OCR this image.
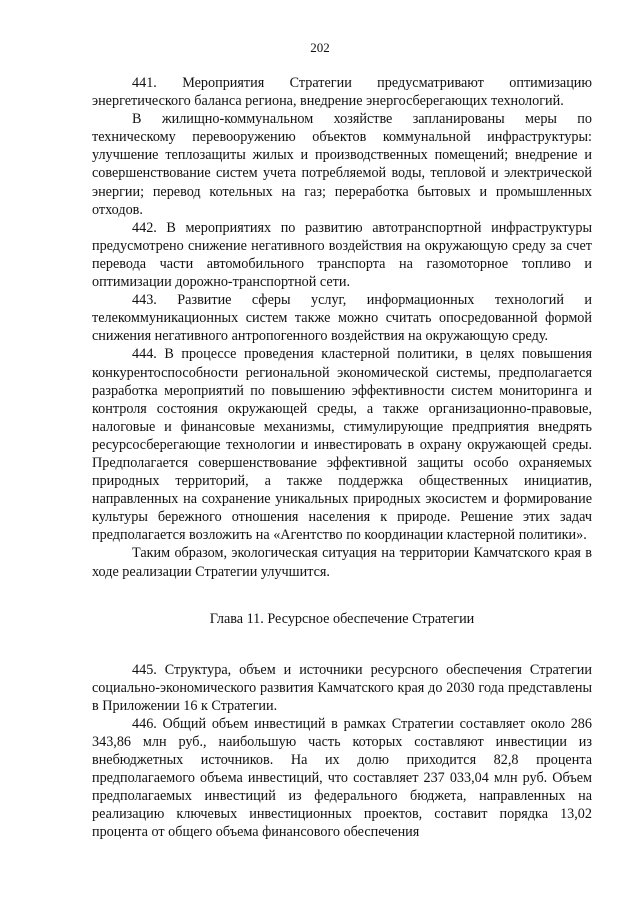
202

441. Мероприятия Стратегии предусматривают оптимизацию энергетического баланса региона, внедрение энергосберегающих технологий.

В жилищно-коммунальном хозяйстве запланированы меры по техническому перевооружению объектов коммунальной инфраструктуры: улучшение теплозащиты жилых и производственных помещений; внедрение и совершенствование систем учета потребляемой воды, тепловой и электрической энергии; перевод котельных на газ; переработка бытовых и промышленных отходов.

442. В мероприятиях по развитию автотранспортной инфраструктуры предусмотрено снижение негативного воздействия на окружающую среду за счет перевода части автомобильного транспорта на газомоторное топливо и оптимизации дорожно-транспортной сети.

443. Развитие сферы услуг, информационных технологий и телекоммуникационных систем также можно считать опосредованной формой снижения негативного антропогенного воздействия на окружающую среду.

444. В процессе проведения кластерной политики, в целях повышения конкурентоспособности региональной экономической системы, предполагается разработка мероприятий по повышению эффективности систем мониторинга и контроля состояния окружающей среды, а также организационно-правовые, налоговые и финансовые механизмы, стимулирующие предприятия внедрять ресурсосберегающие технологии и инвестировать в охрану окружающей среды. Предполагается совершенствование эффективной защиты особо охраняемых природных территорий, а также поддержка общественных инициатив, направленных на сохранение уникальных природных экосистем и формирование культуры бережного отношения населения к природе. Решение этих задач предполагается возложить на «Агентство по координации кластерной политики».

Таким образом, экологическая ситуация на территории Камчатского края в ходе реализации Стратегии улучшится.

Глава 11. Ресурсное обеспечение Стратегии

445. Структура, объем и источники ресурсного обеспечения Стратегии социально-экономического развития Камчатского края до 2030 года представлены в Приложении 16 к Стратегии.

446. Общий объем инвестиций в рамках Стратегии составляет около 286 343,86 млн руб., наибольшую часть которых составляют инвестиции из внебюджетных источников. На их долю приходится 82,8 процента предполагаемого объема инвестиций, что составляет 237 033,04 млн руб. Объем предполагаемых инвестиций из федерального бюджета, направленных на реализацию ключевых инвестиционных проектов, составит порядка 13,02 процента от общего объема финансового обеспечения
